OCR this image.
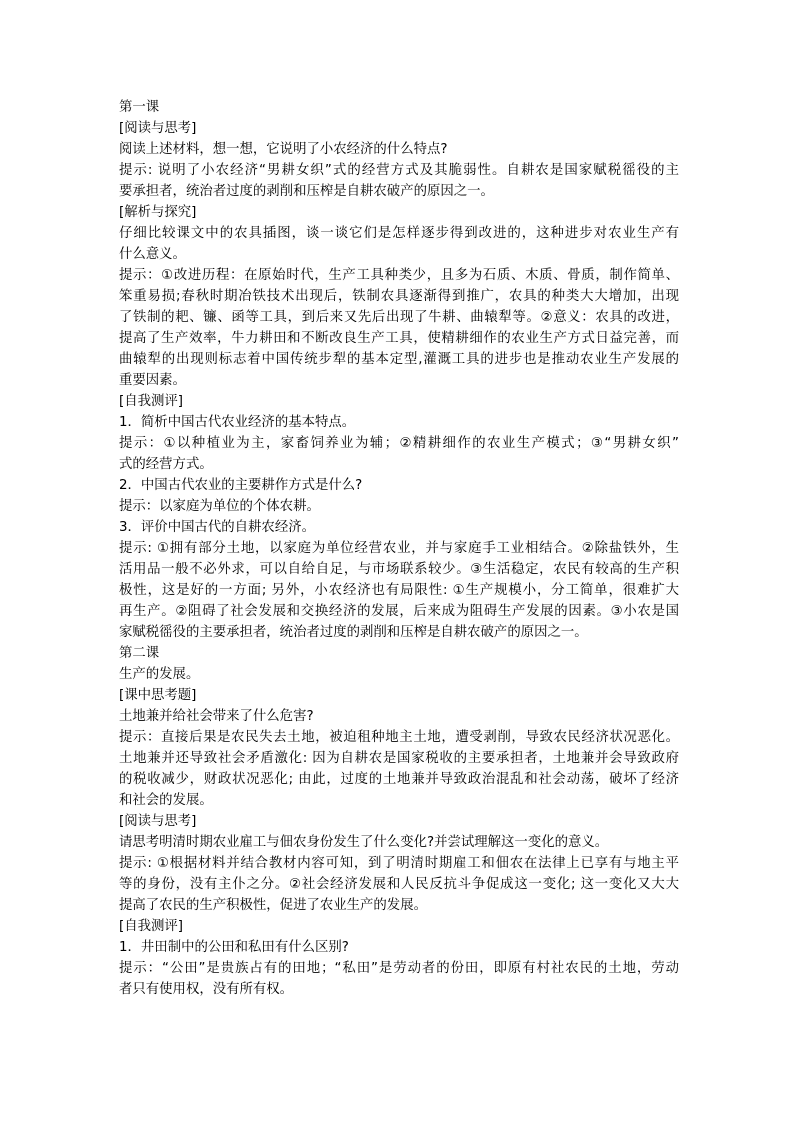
第一课
[阅读与思考]
阅读上述材料，想一想，它说明了小农经济的什么特点?
提示: 说明了小农经济“男耕女织”式的经营方式及其脆弱性。自耕农是国家赋税徭役的主
要承担者，统治者过度的剥削和压榨是自耕农破产的原因之一。
[解析与探究]
仔细比较课文中的农具插图，谈一谈它们是怎样逐步得到改进的，这种进步对农业生产有
什么意义。
提示：①改进历程：在原始时代，生产工具种类少，且多为石质、木质、骨质，制作简单、
笨重易损;春秋时期冶铁技术出现后，铁制农具逐渐得到推广，农具的种类大大增加，出现
了铁制的耙、镰、函等工具，到后来又先后出现了牛耕、曲辕犁等。②意义：农具的改进，
提高了生产效率，牛力耕田和不断改良生产工具，使精耕细作的农业生产方式日益完善，而
曲辕犁的出现则标志着中国传统步犁的基本定型,灌溉工具的进步也是推动农业生产发展的
重要因素。
[自我测评]
1．简析中国古代农业经济的基本特点。
提示：①以种植业为主，家畜饲养业为辅；②精耕细作的农业生产模式；③“男耕女织”
式的经营方式。
2．中国古代农业的主要耕作方式是什么?
提示：以家庭为单位的个体农耕。
3．评价中国古代的自耕农经济。
提示: ①拥有部分土地，以家庭为单位经营农业，并与家庭手工业相结合。②除盐铁外，生
活用品一般不必外求，可以自给自足，与市场联系较少。③生活稳定，农民有较高的生产积
极性，这是好的一方面; 另外，小农经济也有局限性: ①生产规模小，分工简单，很难扩大
再生产。②阻碍了社会发展和交换经济的发展，后来成为阻碍生产发展的因素。③小农是国
家赋税徭役的主要承担者，统治者过度的剥削和压榨是自耕农破产的原因之一。
第二课
生产的发展。
[课中思考题]
土地兼并给社会带来了什么危害?
提示：直接后果是农民失去土地，被迫租种地主土地，遭受剥削，导致农民经济状况恶化。
土地兼并还导致社会矛盾激化: 因为自耕农是国家税收的主要承担者，土地兼并会导致政府
的税收减少，财政状况恶化; 由此，过度的土地兼并导致政治混乱和社会动荡，破坏了经济
和社会的发展。
[阅读与思考]
请思考明清时期农业雇工与佃农身份发生了什么变化?并尝试理解这一变化的意义。
提示: ①根据材料并结合教材内容可知，到了明清时期雇工和佃农在法律上已享有与地主平
等的身份，没有主仆之分。②社会经济发展和人民反抗斗争促成这一变化; 这一变化又大大
提高了农民的生产积极性，促进了农业生产的发展。
[自我测评]
1．井田制中的公田和私田有什么区别?
提示：“公田”是贵族占有的田地；“私田”是劳动者的份田，即原有村社农民的土地，劳动
者只有使用权，没有所有权。
